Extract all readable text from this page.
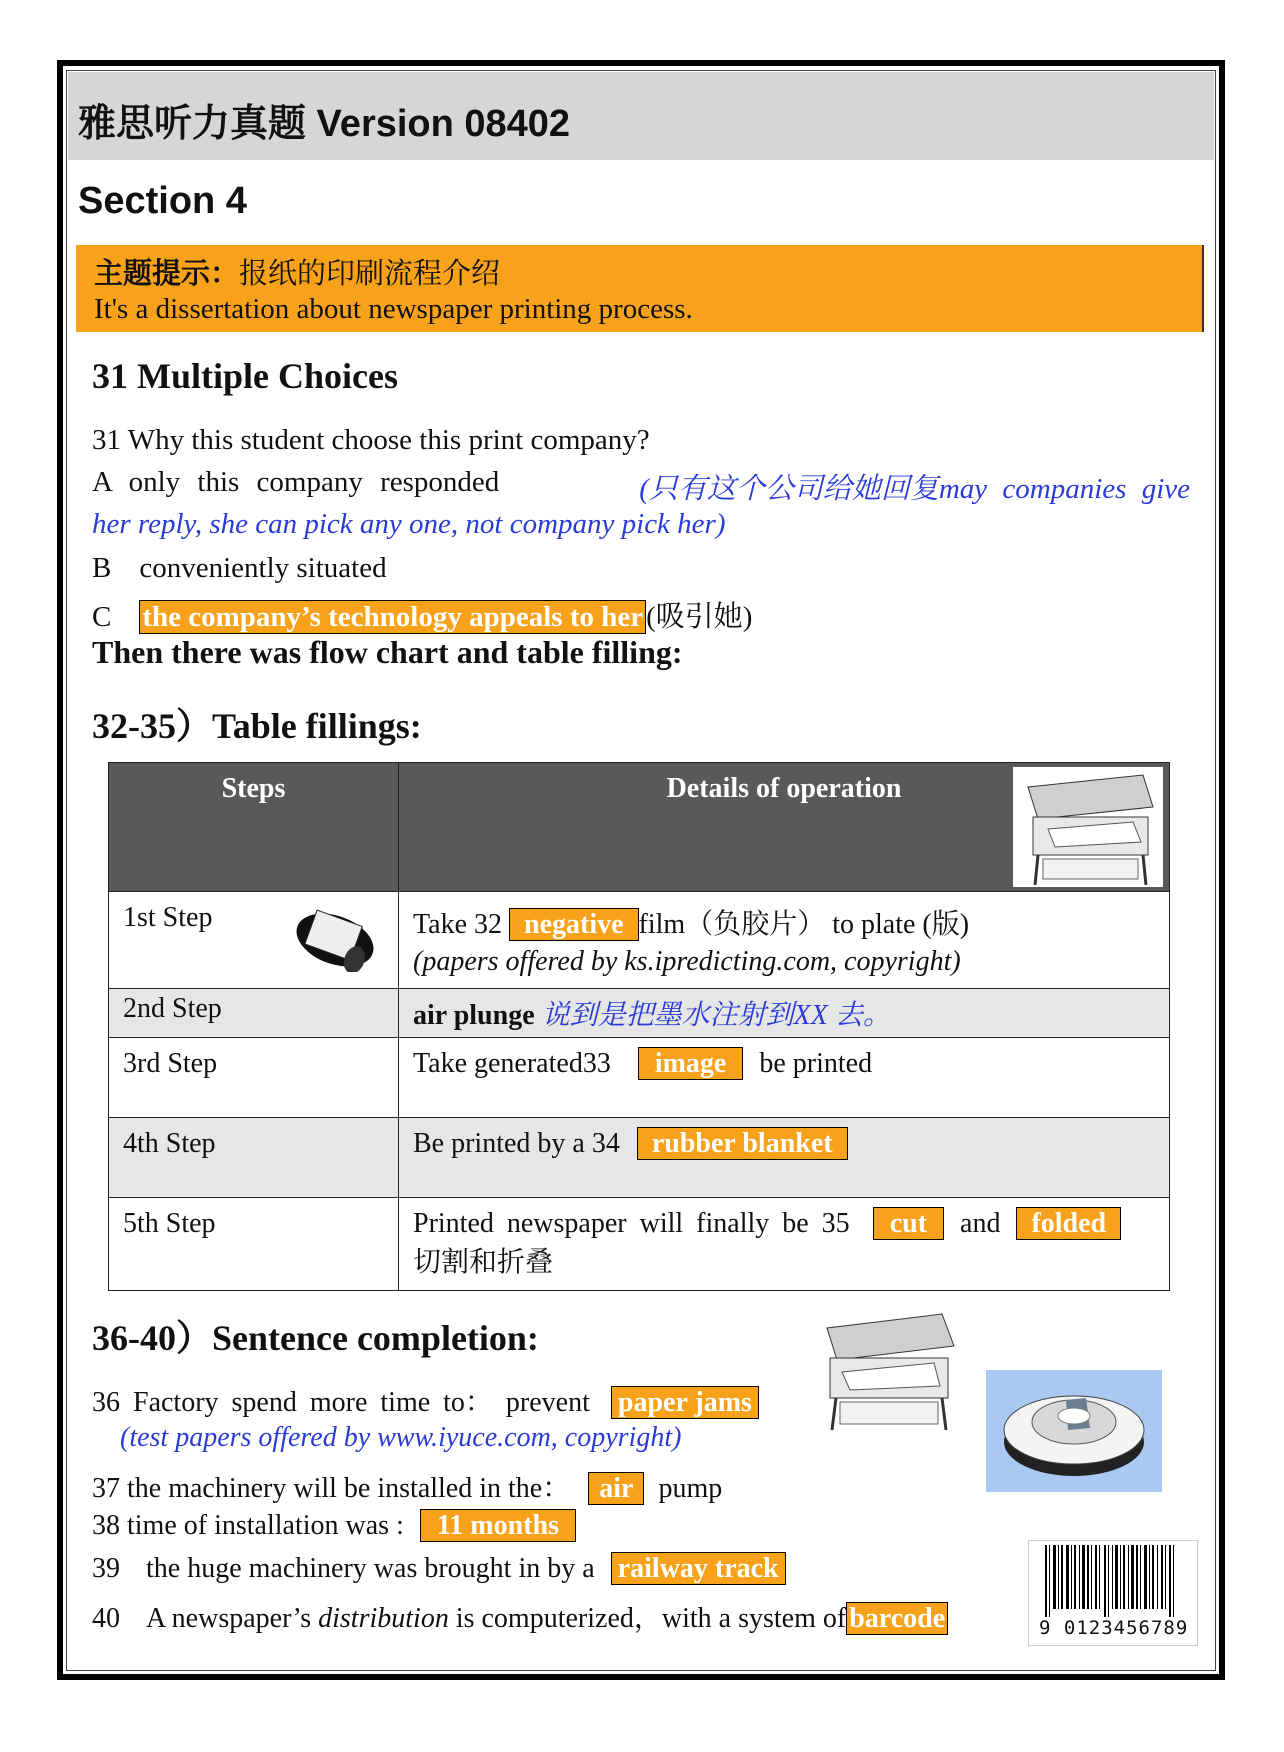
雅思听力真题 Version 08402
Section 4
主题提示：报纸的印刷流程介绍
It's a dissertation about newspaper printing process.
31 Multiple Choices
31 Why this student choose this print company?
A only this company responded	(只有这个公司给她回复may companies give
her reply, she can pick any one, not company pick her)
B conveniently situated
C the company’s technology appeals to her (吸引她)
Then there was flow chart and table filling:
32-35）Table fillings:
Steps	Details of operation

1st Step	Take 32 negative film（负胶片） to plate (版)
(papers offered by ks.ipredicting.com, copyright)

2nd Step	air plunge 说到是把墨水注射到XX 去。
3rd Step	Take generated33 image be printed
4th Step	Be printed by a 34 rubber blanket
5th Step	Printed newspaper will finally be 35 cut and folded
切割和折叠
36-40）Sentence completion:
36 Factory spend more time to： prevent paper jams
(test papers offered by www.iyuce.com, copyright)
37 the machinery will be installed in the： air pump
38 time of installation was : 11 months
39 the huge machinery was brought in by a railway track
40 A newspaper’s distribution is computerized，with a system of barcode	9 0123456789
